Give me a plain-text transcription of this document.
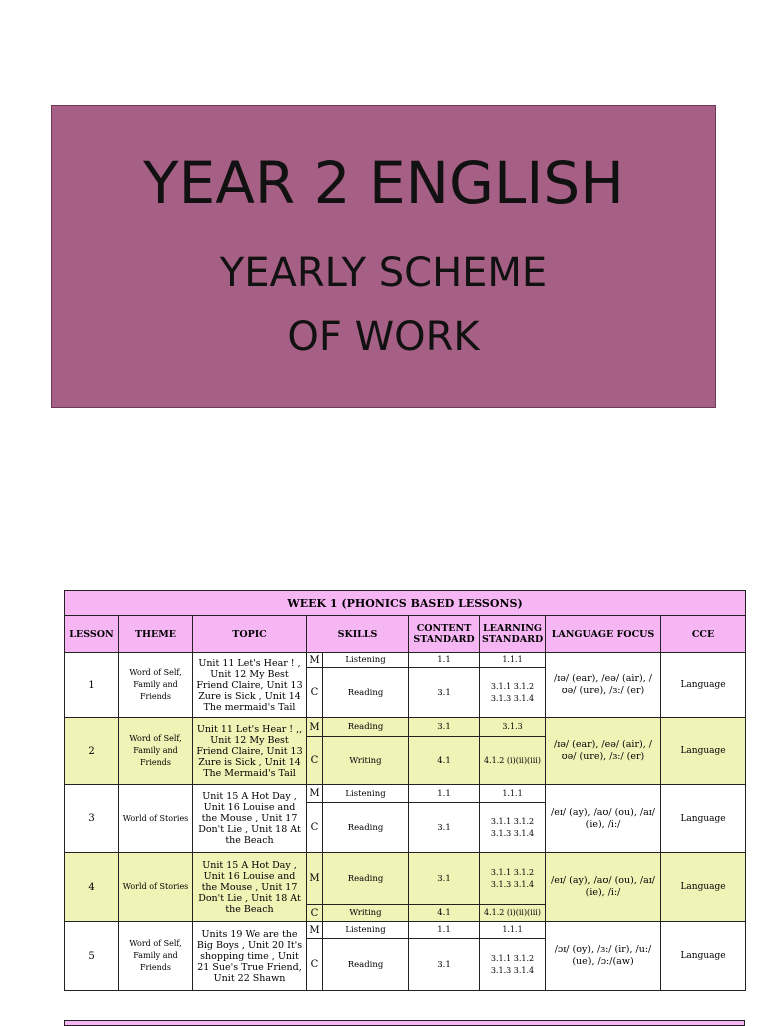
YEAR 2 ENGLISH
YEARLY SCHEME
OF WORK
WEEK 1 (PHONICS BASED LESSONS)								
LESSON	THEME	TOPIC	SKILLS		CONTENT STANDARD	LEARNING STANDARD	LANGUAGE FOCUS	CCE
1	Word of Self, Family and Friends	Unit 11 Let's Hear ! , Unit 12 My Best Friend Claire, Unit 13 Zure is Sick , Unit 14 The mermaid's Tail	M	Listening	1.1	1.1.1	/ɪə/ (ear), /eə/ (air), /ʊə/ (ure), /ɜ:/ (er)	Language
			C	Reading	3.1	3.1.1 3.1.2 3.1.3 3.1.4		
2	Word of Self, Family and Friends	Unit 11 Let's Hear ! ,, Unit 12 My Best Friend Claire, Unit 13 Zure is Sick , Unit 14 The Mermaid's Tail	M	Reading	3.1	3.1.3	/ɪə/ (ear), /eə/ (air), /ʊə/ (ure), /ɜ:/ (er)	Language
			C	Writing	4.1	4.1.2 (i)(ii)(iii)		
3	World of Stories	Unit 15 A Hot Day , Unit 16 Louise and the Mouse , Unit 17 Don't Lie , Unit 18 At the Beach	M	Listening	1.1	1.1.1	/eɪ/ (ay), /aʊ/ (ou), /aɪ/ (ie), /i:/	Language
			C	Reading	3.1	3.1.1 3.1.2 3.1.3 3.1.4		
4	World of Stories	Unit 15 A Hot Day , Unit 16 Louise and the Mouse , Unit 17 Don't Lie , Unit 18 At the Beach	M	Reading	3.1	3.1.1 3.1.2 3.1.3 3.1.4	/eɪ/ (ay), /aʊ/ (ou), /aɪ/ (ie), /i:/	Language
			C	Writing	4.1	4.1.2 (i)(ii)(iii)		
5	Word of Self, Family and Friends	Units 19 We are the Big Boys , Unit 20 It's shopping time , Unit 21 Sue's True Friend, Unit 22 Shawn	M	Listening	1.1	1.1.1	/ɔɪ/ (oy), /ɜ:/ (ir), /u:/ (ue), /ɔ:/(aw)	Language
			C	Reading	3.1	3.1.1 3.1.2 3.1.3 3.1.4		
